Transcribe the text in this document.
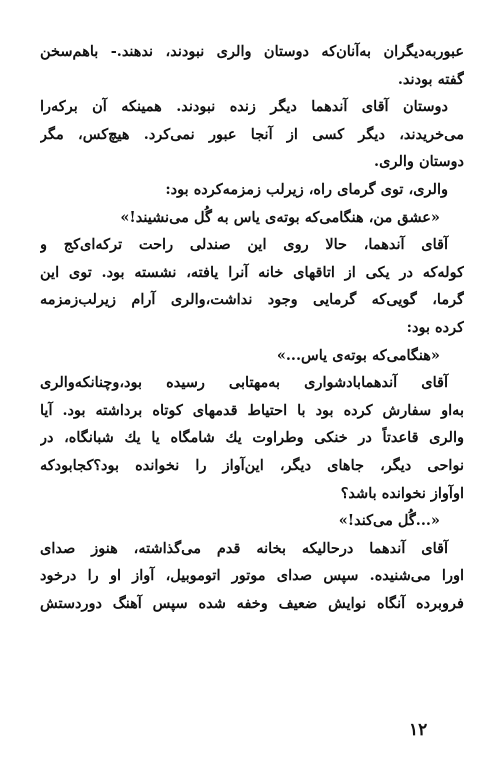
عبوربه‌دیگران به‌آنان‌که دوستان والری نبودند، ندهند.- باهم‌سخن
گفته بودند.
دوستان آقای آندهما دیگر زنده نبودند. همینکه آن برکه‌را
می‌خریدند، دیگر کسی از آنجا عبور نمی‌کرد. هیچ‌کس، مگر
دوستان والری.
والری، توی گرمای راه، زیرلب زمزمه‌کرده بود:
«عشق من، هنگامی‌که بوته‌ی یاس به گُل می‌نشیند!»
آقای آندهما، حالا روی این صندلی راحت ترکه‌ای‌کج و
کوله‌که در یکی از اتاقهای خانه آنرا یافته، نشسته بود. توی این
گرما، گویی‌که گرمایی وجود نداشت،والری آرام زیرلب‌زمزمه
کرده بود:
«هنگامی‌که بوته‌ی یاس...»
آقای آندهمابادشواری به‌مهتابی رسیده بود،وچنانکه‌والری
به‌او سفارش کرده بود با احتیاط قدمهای کوتاه برداشته بود. آیا
والری قاعدتاً در خنکی وطراوت یك شامگاه یا یك شبانگاه، در
نواحی دیگر، جاهای دیگر، این‌آواز را نخوانده بود؟کجابودکه
اوآواز نخوانده باشد؟
«...گُل می‌کند!»
آقای آندهما درحالیکه بخانه قدم می‌گذاشته، هنوز صدای
اورا می‌شنیده. سپس صدای موتور اتوموبیل، آواز او را درخود
فروبرده آنگاه نوایش ضعیف وخفه شده سپس آهنگ دوردستش
۱۲
